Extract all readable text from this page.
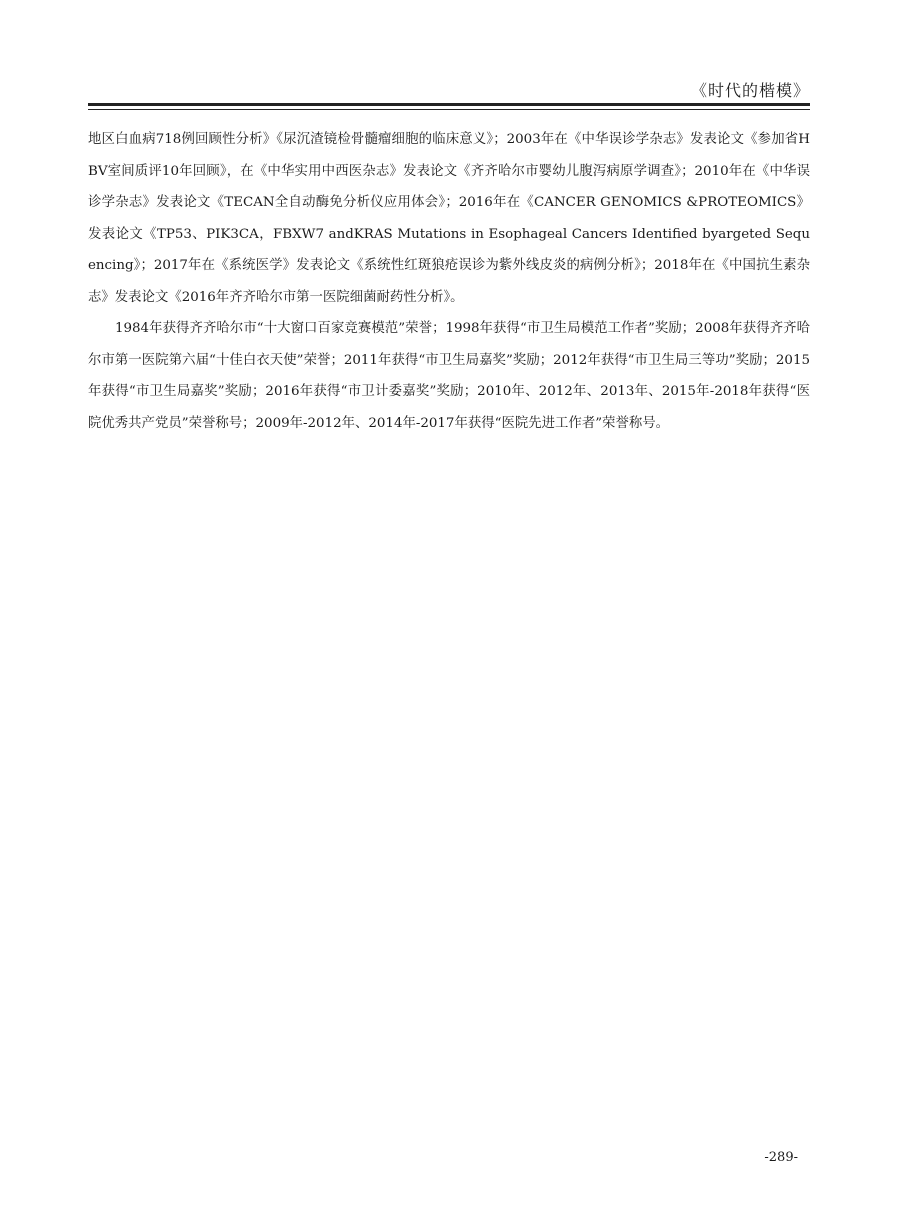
《时代的楷模》

地区白血病718例回顾性分析》《尿沉渣镜检骨髓瘤细胞的临床意义》；2003年在《中华误诊学杂志》发表论文《参加省HBV室间质评10年回顾》，在《中华实用中西医杂志》发表论文《齐齐哈尔市婴幼儿腹泻病原学调查》；2010年在《中华误诊学杂志》发表论文《TECAN全自动酶免分析仪应用体会》；2016年在《CANCER GENOMICS &PROTEOMICS》发表论文《TP53、PIK3CA，FBXW7 andKRAS Mutations in Esophageal Cancers Identified byargeted Sequencing》；2017年在《系统医学》发表论文《系统性红斑狼疮误诊为紫外线皮炎的病例分析》；2018年在《中国抗生素杂志》发表论文《2016年齐齐哈尔市第一医院细菌耐药性分析》。

1984年获得齐齐哈尔市“十大窗口百家竞赛模范”荣誉；1998年获得“市卫生局模范工作者”奖励；2008年获得齐齐哈尔市第一医院第六届“十佳白衣天使”荣誉；2011年获得“市卫生局嘉奖”奖励；2012年获得“市卫生局三等功”奖励；2015年获得“市卫生局嘉奖”奖励；2016年获得“市卫计委嘉奖”奖励；2010年、2012年、2013年、2015年-2018年获得“医院优秀共产党员”荣誉称号；2009年-2012年、2014年-2017年获得“医院先进工作者”荣誉称号。

-289-
